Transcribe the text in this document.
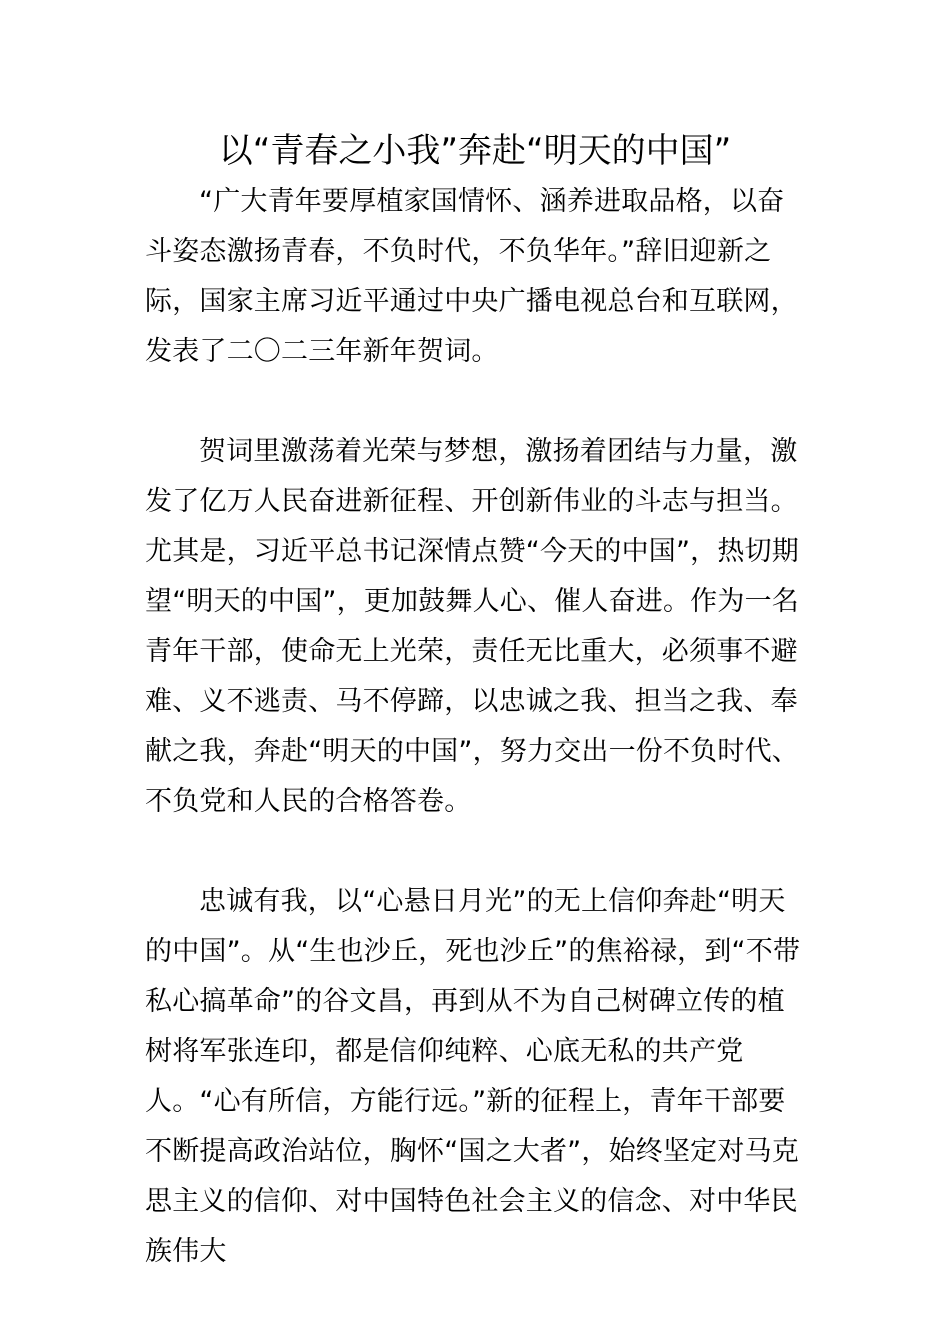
以“青春之小我”奔赴“明天的中国”

“广大青年要厚植家国情怀、涵养进取品格，以奋斗姿态激扬青春，不负时代，不负华年。”辞旧迎新之际，国家主席习近平通过中央广播电视总台和互联网，发表了二〇二三年新年贺词。

贺词里激荡着光荣与梦想，激扬着团结与力量，激发了亿万人民奋进新征程、开创新伟业的斗志与担当。尤其是，习近平总书记深情点赞“今天的中国”，热切期望“明天的中国”，更加鼓舞人心、催人奋进。作为一名青年干部，使命无上光荣，责任无比重大，必须事不避难、义不逃责、马不停蹄，以忠诚之我、担当之我、奉献之我，奔赴“明天的中国”，努力交出一份不负时代、不负党和人民的合格答卷。

忠诚有我，以“心悬日月光”的无上信仰奔赴“明天的中国”。从“生也沙丘，死也沙丘”的焦裕禄，到“不带私心搞革命”的谷文昌，再到从不为自己树碑立传的植树将军张连印，都是信仰纯粹、心底无私的共产党人。“心有所信，方能行远。”新的征程上，青年干部要不断提高政治站位，胸怀“国之大者”，始终坚定对马克思主义的信仰、对中国特色社会主义的信念、对中华民族伟大
